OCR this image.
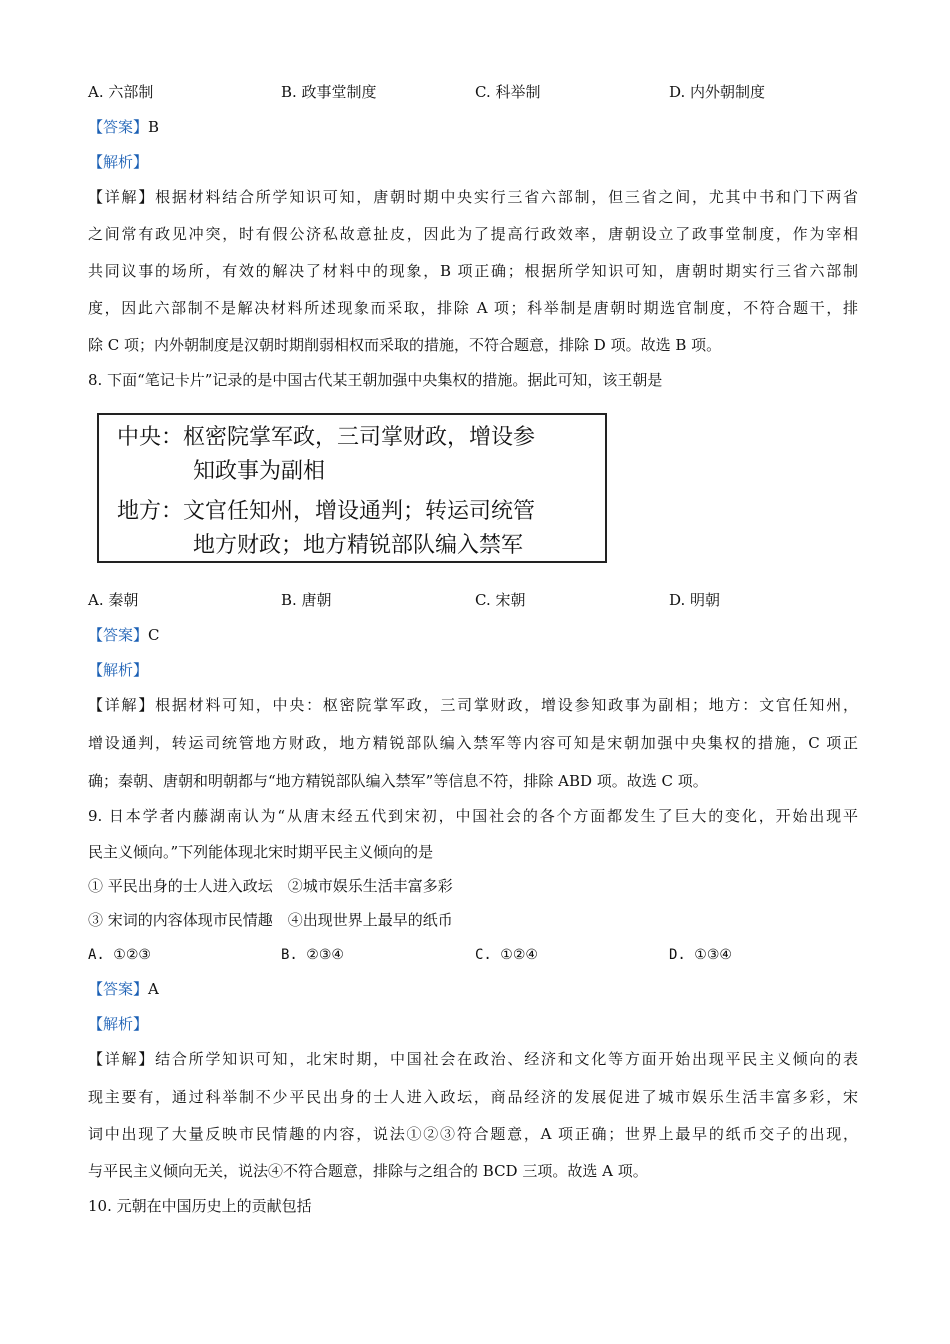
A. 六部制	B. 政事堂制度	C. 科举制	D. 内外朝制度
【答案】B
【解析】
【详解】根据材料结合所学知识可知，唐朝时期中央实行三省六部制，但三省之间，尤其中书和门下两省
之间常有政见冲突，时有假公济私故意扯皮，因此为了提高行政效率，唐朝设立了政事堂制度，作为宰相
共同议事的场所，有效的解决了材料中的现象，B 项正确；根据所学知识可知，唐朝时期实行三省六部制
度，因此六部制不是解决材料所述现象而采取，排除 A 项；科举制是唐朝时期选官制度，不符合题干，排
除 C 项；内外朝制度是汉朝时期削弱相权而采取的措施，不符合题意，排除 D 项。故选 B 项。
8. 下面“笔记卡片”记录的是中国古代某王朝加强中央集权的措施。据此可知，该王朝是
中央：枢密院掌军政，三司掌财政，增设参
知政事为副相
地方：文官任知州，增设通判；转运司统管
地方财政；地方精锐部队编入禁军
A. 秦朝	B. 唐朝	C. 宋朝	D. 明朝
【答案】C
【解析】
【详解】根据材料可知，中央：枢密院掌军政，三司掌财政，增设参知政事为副相；地方：文官任知州，
增设通判，转运司统管地方财政，地方精锐部队编入禁军等内容可知是宋朝加强中央集权的措施，C 项正
确；秦朝、唐朝和明朝都与“地方精锐部队编入禁军”等信息不符，排除 ABD 项。故选 C 项。
9. 日本学者内藤湖南认为“从唐末经五代到宋初，中国社会的各个方面都发生了巨大的变化，开始出现平
民主义倾向。”下列能体现北宋时期平民主义倾向的是
① 平民出身的士人进入政坛　②城市娱乐生活丰富多彩
③ 宋词的内容体现市民情趣　④出现世界上最早的纸币
A. ①②③	B. ②③④	C. ①②④	D. ①③④
【答案】A
【解析】
【详解】结合所学知识可知，北宋时期，中国社会在政治、经济和文化等方面开始出现平民主义倾向的表
现主要有，通过科举制不少平民出身的士人进入政坛，商品经济的发展促进了城市娱乐生活丰富多彩，宋
词中出现了大量反映市民情趣的内容，说法①②③符合题意，A 项正确；世界上最早的纸币交子的出现，
与平民主义倾向无关，说法④不符合题意，排除与之组合的 BCD 三项。故选 A 项。
10. 元朝在中国历史上的贡献包括
